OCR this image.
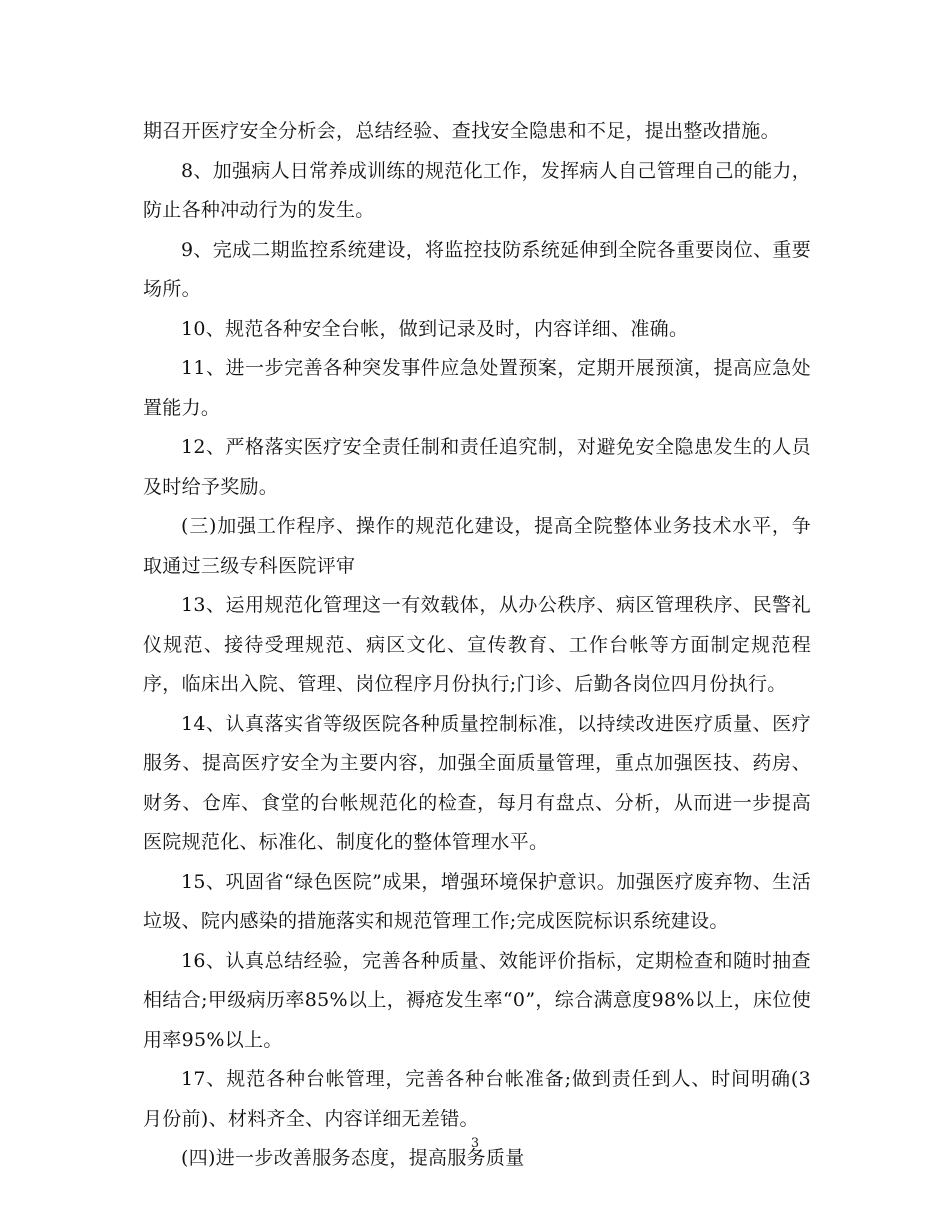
期召开医疗安全分析会，总结经验、查找安全隐患和不足，提出整改措施。

8、加强病人日常养成训练的规范化工作，发挥病人自己管理自己的能力，防止各种冲动行为的发生。

9、完成二期监控系统建设，将监控技防系统延伸到全院各重要岗位、重要场所。

10、规范各种安全台帐，做到记录及时，内容详细、准确。

11、进一步完善各种突发事件应急处置预案，定期开展预演，提高应急处置能力。

12、严格落实医疗安全责任制和责任追究制，对避免安全隐患发生的人员及时给予奖励。

(三)加强工作程序、操作的规范化建设，提高全院整体业务技术水平，争取通过三级专科医院评审

13、运用规范化管理这一有效载体，从办公秩序、病区管理秩序、民警礼仪规范、接待受理规范、病区文化、宣传教育、工作台帐等方面制定规范程序，临床出入院、管理、岗位程序月份执行;门诊、后勤各岗位四月份执行。

14、认真落实省等级医院各种质量控制标准，以持续改进医疗质量、医疗服务、提高医疗安全为主要内容，加强全面质量管理，重点加强医技、药房、财务、仓库、食堂的台帐规范化的检查，每月有盘点、分析，从而进一步提高医院规范化、标准化、制度化的整体管理水平。

15、巩固省“绿色医院”成果，增强环境保护意识。加强医疗废弃物、生活垃圾、院内感染的措施落实和规范管理工作;完成医院标识系统建设。

16、认真总结经验，完善各种质量、效能评价指标，定期检查和随时抽查相结合;甲级病历率85%以上，褥疮发生率“0”，综合满意度98%以上，床位使用率95%以上。

17、规范各种台帐管理，完善各种台帐准备;做到责任到人、时间明确(3月份前)、材料齐全、内容详细无差错。

(四)进一步改善服务态度，提高服务质量

3
